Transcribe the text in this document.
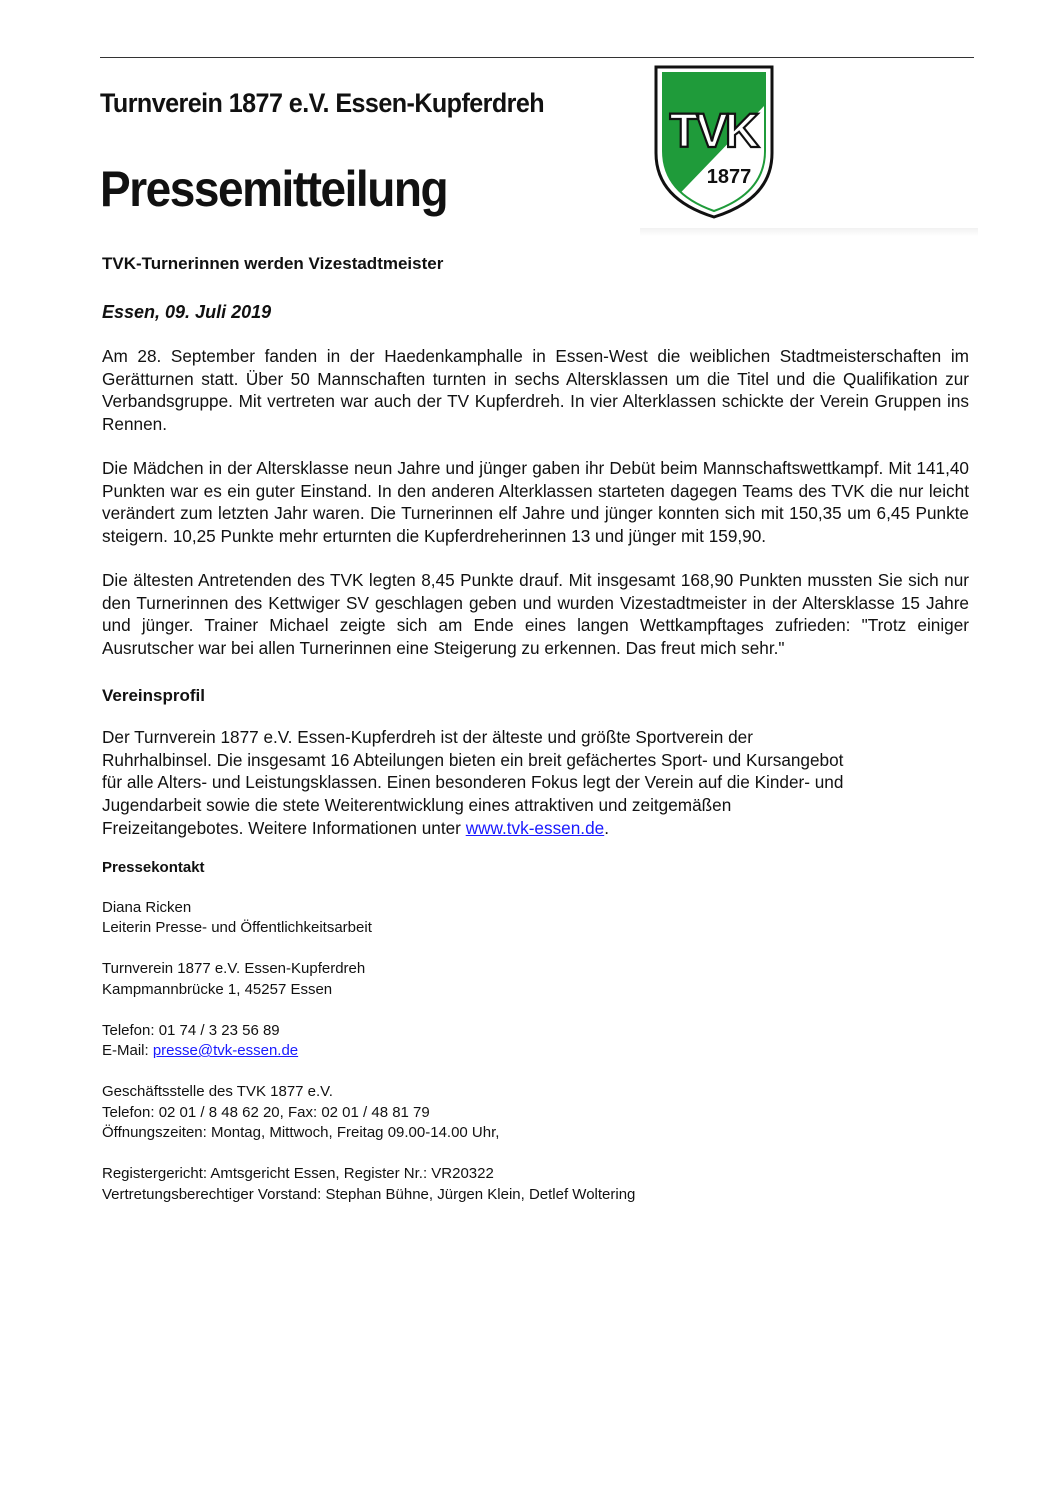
Turnverein 1877 e.V. Essen-Kupferdreh
Pressemitteilung
TVK
1877

TVK-Turnerinnen werden Vizestadtmeister

Essen, 09. Juli 2019

Am 28. September fanden in der Haedenkamphalle in Essen-West die weiblichen Stadtmeisterschaften im Gerätturnen statt. Über 50 Mannschaften turnten in sechs Altersklassen um die Titel und die Qualifikation zur Verbandsgruppe. Mit vertreten war auch der TV Kupferdreh. In vier Alterklassen schickte der Verein Gruppen ins Rennen.

Die Mädchen in der Altersklasse neun Jahre und jünger gaben ihr Debüt beim Mannschaftswettkampf. Mit 141,40 Punkten war es ein guter Einstand. In den anderen Alterklassen starteten dagegen Teams des TVK die nur leicht verändert zum letzten Jahr waren. Die Turnerinnen elf Jahre und jünger konnten sich mit 150,35 um 6,45 Punkte steigern. 10,25 Punkte mehr erturnten die Kupferdreherinnen 13 und jünger mit 159,90.

Die ältesten Antretenden des TVK legten 8,45 Punkte drauf. Mit insgesamt 168,90 Punkten mussten Sie sich nur den Turnerinnen des Kettwiger SV geschlagen geben und wurden Vizestadtmeister in der Altersklasse 15 Jahre und jünger. Trainer Michael zeigte sich am Ende eines langen Wettkampftages zufrieden: "Trotz einiger Ausrutscher war bei allen Turnerinnen eine Steigerung zu erkennen. Das freut mich sehr."

Vereinsprofil

Der Turnverein 1877 e.V. Essen-Kupferdreh ist der älteste und größte Sportverein der
Ruhrhalbinsel. Die insgesamt 16 Abteilungen bieten ein breit gefächertes Sport- und Kursangebot
für alle Alters- und Leistungsklassen. Einen besonderen Fokus legt der Verein auf die Kinder- und
Jugendarbeit sowie die stete Weiterentwicklung eines attraktiven und zeitgemäßen
Freizeitangebotes. Weitere Informationen unter www.tvk-essen.de.

Pressekontakt

Diana Ricken
Leiterin Presse- und Öffentlichkeitsarbeit
Turnverein 1877 e.V. Essen-Kupferdreh
Kampmannbrücke 1, 45257 Essen
Telefon: 01 74 / 3 23 56 89
E-Mail: presse@tvk-essen.de
Geschäftsstelle des TVK 1877 e.V.
Telefon: 02 01 / 8 48 62 20, Fax: 02 01 / 48 81 79
Öffnungszeiten: Montag, Mittwoch, Freitag 09.00-14.00 Uhr,
Registergericht: Amtsgericht Essen, Register Nr.: VR20322
Vertretungsberechtiger Vorstand: Stephan Bühne, Jürgen Klein, Detlef Woltering
